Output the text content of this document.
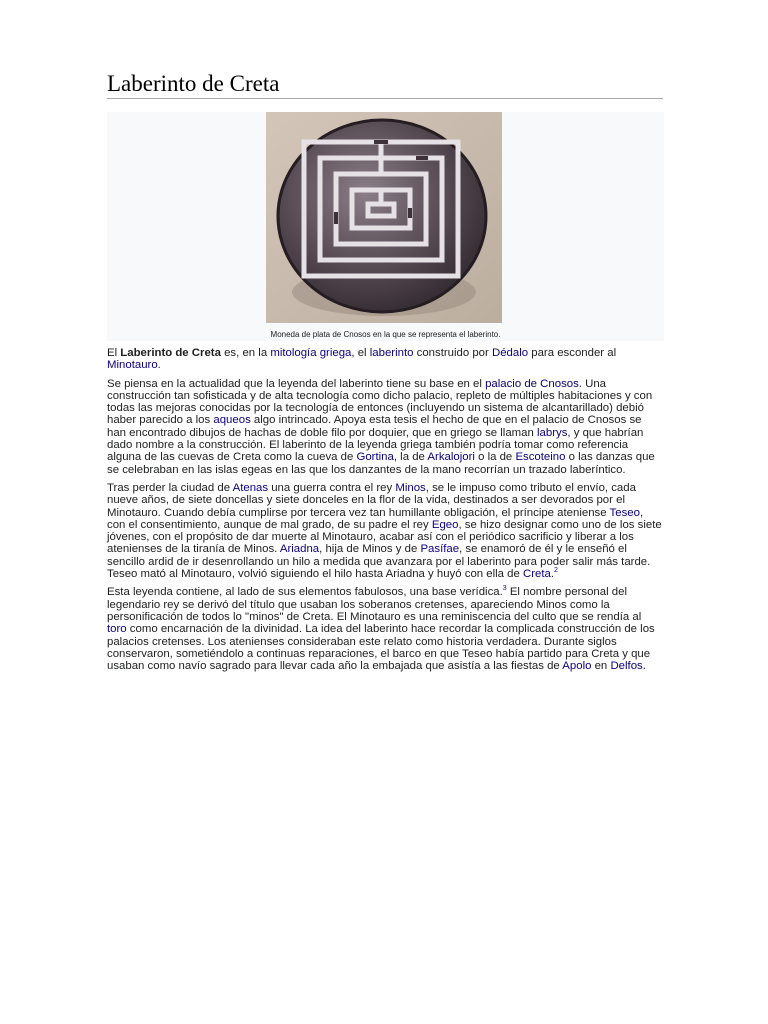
Laberinto de Creta
Moneda de plata de Cnosos en la que se representa el laberinto.

El Laberinto de Creta es, en la mitología griega, el laberinto construido por Dédalo para esconder al Minotauro.

Se piensa en la actualidad que la leyenda del laberinto tiene su base en el palacio de Cnosos. Una construcción tan sofisticada y de alta tecnología como dicho palacio, repleto de múltiples habitaciones y con todas las mejoras conocidas por la tecnología de entonces (incluyendo un sistema de alcantarillado) debió haber parecido a los aqueos algo intrincado. Apoya esta tesis el hecho de que en el palacio de Cnosos se han encontrado dibujos de hachas de doble filo por doquier, que en griego se llaman labrys, y que habrían dado nombre a la construcción. El laberinto de la leyenda griega también podría tomar como referencia alguna de las cuevas de Creta como la cueva de Gortina, la de Arkalojori o la de Escoteino o las danzas que se celebraban en las islas egeas en las que los danzantes de la mano recorrían un trazado laberíntico.

Tras perder la ciudad de Atenas una guerra contra el rey Minos, se le impuso como tributo el envío, cada nueve años, de siete doncellas y siete donceles en la flor de la vida, destinados a ser devorados por el Minotauro. Cuando debía cumplirse por tercera vez tan humillante obligación, el príncipe ateniense Teseo, con el consentimiento, aunque de mal grado, de su padre el rey Egeo, se hizo designar como uno de los siete jóvenes, con el propósito de dar muerte al Minotauro, acabar así con el periódico sacrificio y liberar a los atenienses de la tiranía de Minos. Ariadna, hija de Minos y de Pasífae, se enamoró de él y le enseñó el sencillo ardid de ir desenrollando un hilo a medida que avanzara por el laberinto para poder salir más tarde. Teseo mató al Minotauro, volvió siguiendo el hilo hasta Ariadna y huyó con ella de Creta.$^2$

Esta leyenda contiene, al lado de sus elementos fabulosos, una base verídica.$^3$ El nombre personal del legendario rey se derivó del título que usaban los soberanos cretenses, apareciendo Minos como la personificación de todos lo "minos" de Creta. El Minotauro es una reminiscencia del culto que se rendía al toro como encarnación de la divinidad. La idea del laberinto hace recordar la complicada construcción de los palacios cretenses. Los atenienses consideraban este relato como historia verdadera. Durante siglos conservaron, sometiéndolo a continuas reparaciones, el barco en que Teseo había partido para Creta y que usaban como navío sagrado para llevar cada año la embajada que asistía a las fiestas de Apolo en Delfos.
